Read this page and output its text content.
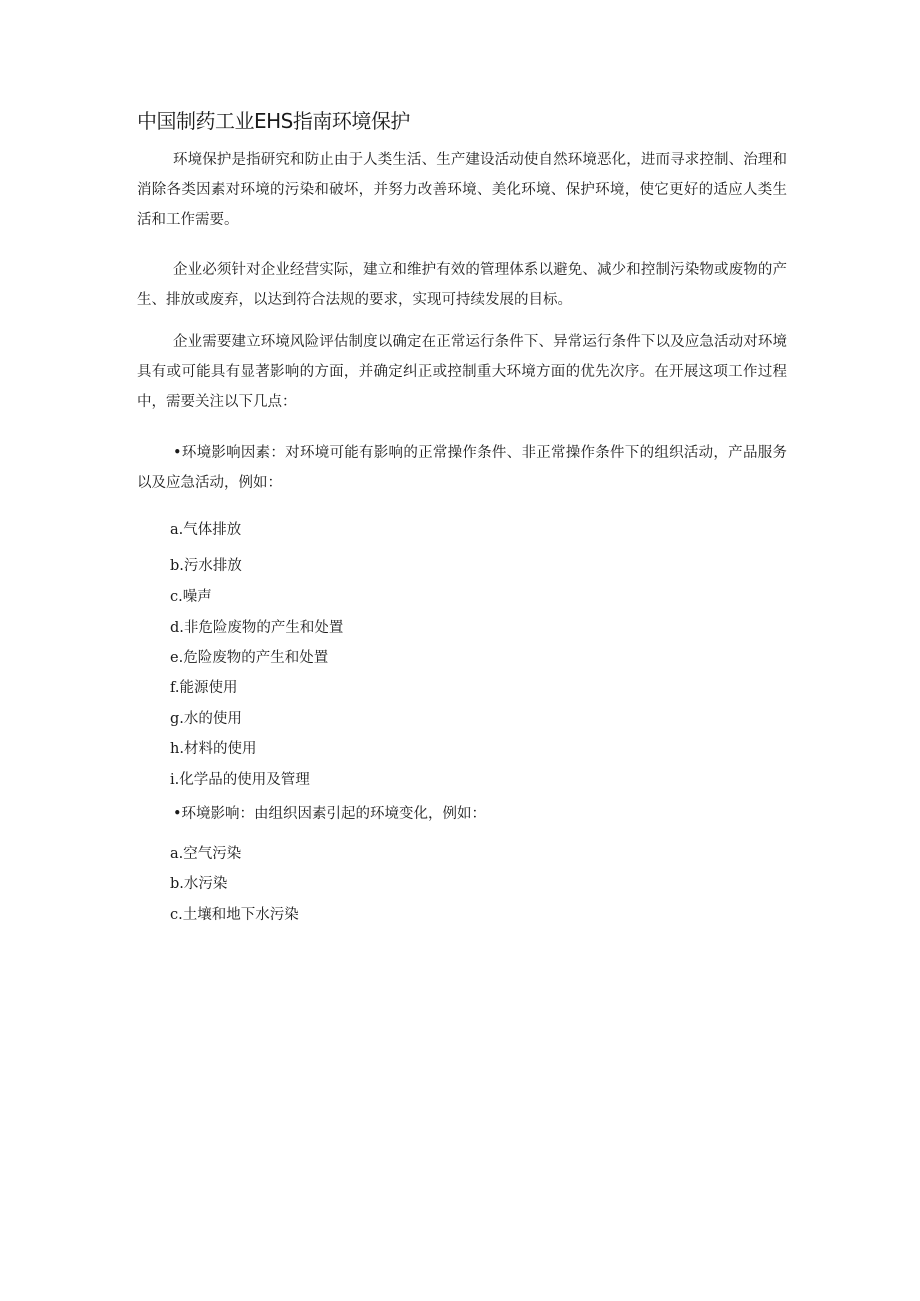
中国制药工业EHS指南环境保护

环境保护是指研究和防止由于人类生活、生产建设活动使自然环境恶化，进而寻求控制、治理和消除各类因素对环境的污染和破坏，并努力改善环境、美化环境、保护环境，使它更好的适应人类生活和工作需要。

企业必须针对企业经营实际，建立和维护有效的管理体系以避免、减少和控制污染物或废物的产生、排放或废弃，以达到符合法规的要求，实现可持续发展的目标。

企业需要建立环境风险评估制度以确定在正常运行条件下、异常运行条件下以及应急活动对环境具有或可能具有显著影响的方面，并确定纠正或控制重大环境方面的优先次序。在开展这项工作过程中，需要关注以下几点：

•环境影响因素：对环境可能有影响的正常操作条件、非正常操作条件下的组织活动，产品服务以及应急活动，例如：

a.气体排放

b.污水排放

c.噪声

d.非危险废物的产生和处置

e.危险废物的产生和处置

f.能源使用

g.水的使用

h.材料的使用

i.化学品的使用及管理

•环境影响：由组织因素引起的环境变化，例如：

a.空气污染

b.水污染

c.土壤和地下水污染
